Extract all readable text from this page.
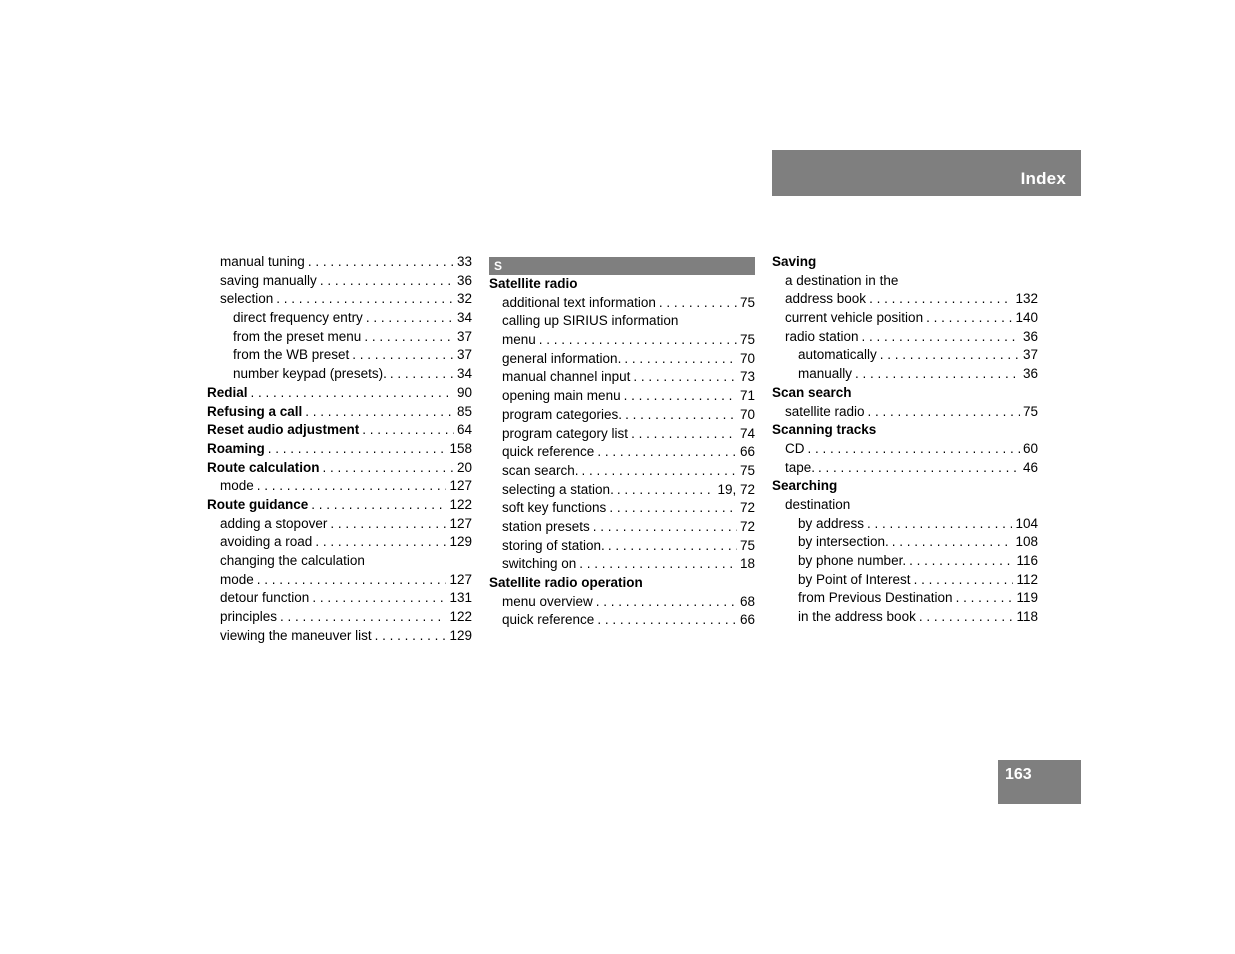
Index
manual tuning . . .	33
saving manually . . .	36
selection . . .	32
direct frequency entry . . .	34
from the preset menu . . .	37
from the WB preset . . .	37
number keypad (presets). . . .	34
Redial . . .	90
Refusing a call . . .	85
Reset audio adjustment . . .	64
Roaming . . .	158
Route calculation . . .	20
mode . . .	127
Route guidance . . .	122
adding a stopover . . .	127
avoiding a road . . .	129
changing the calculation
mode . . .	127
detour function . . .	131
principles . . .	122
viewing the maneuver list . . .	129
S
Satellite radio
additional text information . . .	75
calling up SIRIUS information
menu . . .	75
general information. . . .	70
manual channel input . . .	73
opening main menu . . .	71
program categories. . . .	70
program category list . . .	74
quick reference . . .	66
scan search. . . .	75
selecting a station. . . .	19, 72
soft key functions . . .	72
station presets . . .	72
storing of station. . . .	75
switching on . . .	18
Satellite radio operation
menu overview . . .	68
quick reference . . .	66
Saving
a destination in the
address book . . .	132
current vehicle position . . .	140
radio station . . .	36
automatically . . .	37
manually . . .	36
Scan search
satellite radio . . .	75
Scanning tracks
CD . . .	60
tape. . . .	46
Searching
destination
by address . . .	104
by intersection. . . .	108
by phone number. . . .	116
by Point of Interest . . .	112
from Previous Destination . . .	119
in the address book . . .	118
163
